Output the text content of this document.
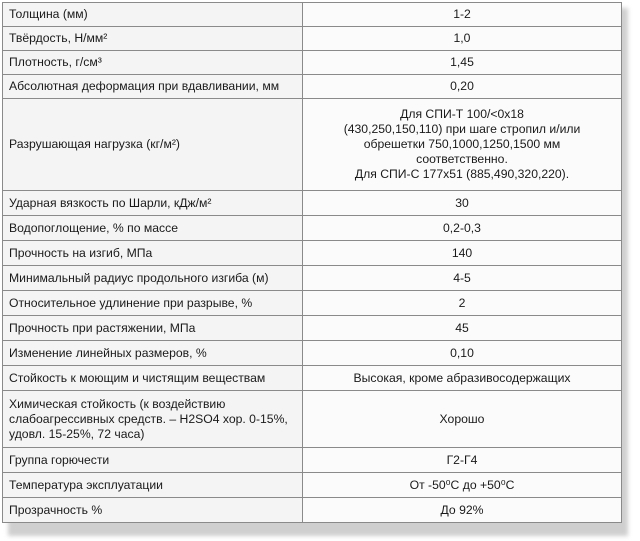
Толщина (мм)	1-2
Твёрдость, Н/мм²	1,0
Плотность, г/см³	1,45
Абсолютная деформация при вдавливании, мм	0,20
Разрушающая нагрузка (кг/м²)	Для СПИ-Т 100/<0x18
(430,250,150,110) при шаге стропил и/или
обрешетки 750,1000,1250,1500 мм
соответственно.
Для СПИ-С 177x51 (885,490,320,220).

Ударная вязкость по Шарли, кДж/м²	30
Водопоглощение, % по массе	0,2-0,3
Прочность на изгиб, МПа	140
Минимальный радиус продольного изгиба (м)	4-5
Относительное удлинение при разрыве, %	2
Прочность при растяжении, МПа	45
Изменение линейных размеров, %	0,10
Стойкость к моющим и чистящим веществам	Высокая, кроме абразивосодержащих

Химическая стойкость (к воздействию
слабоагрессивных средств. – H2SO4 хор. 0-15%,
удовл. 15-25%, 72 часа)	Хорошо
Группа горючести	Г2-Г4
Температура эксплуатации	От -50⁰С до +50⁰С
Прозрачность %	До 92%
